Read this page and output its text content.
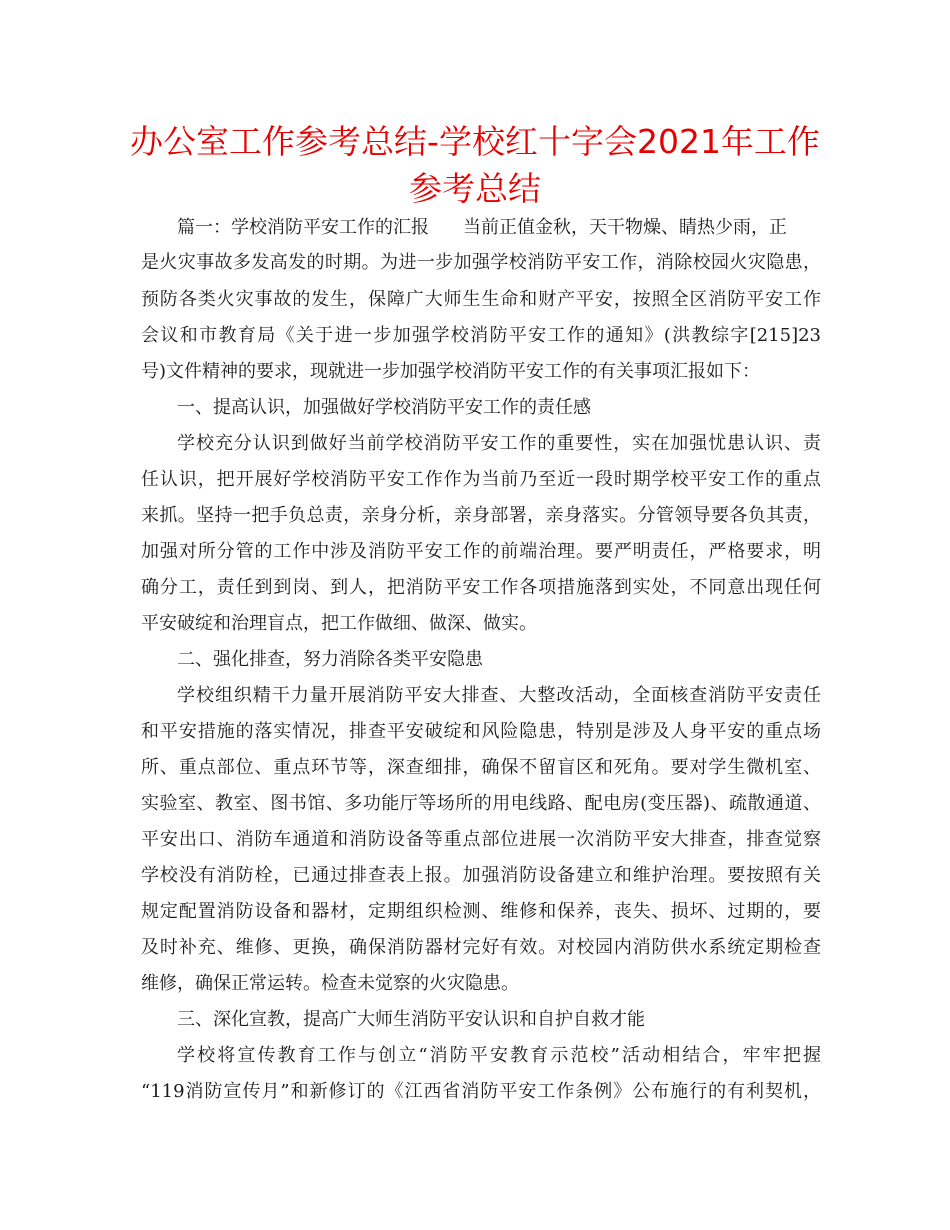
办公室工作参考总结-学校红十字会2021年工作
参考总结
篇一：学校消防平安工作的汇报 当前正值金秋，天干物燥、睛热少雨，正
是火灾事故多发高发的时期。为进一步加强学校消防平安工作，消除校园火灾隐患，
预防各类火灾事故的发生，保障广大师生生命和财产平安，按照全区消防平安工作
会议和市教育局《关于进一步加强学校消防平安工作的通知》(洪教综字[215]23
号)文件精神的要求，现就进一步加强学校消防平安工作的有关事项汇报如下：
一、提高认识，加强做好学校消防平安工作的责任感
学校充分认识到做好当前学校消防平安工作的重要性，实在加强忧患认识、责
任认识，把开展好学校消防平安工作作为当前乃至近一段时期学校平安工作的重点
来抓。坚持一把手负总责，亲身分析，亲身部署，亲身落实。分管领导要各负其责，
加强对所分管的工作中涉及消防平安工作的前端治理。要严明责任，严格要求，明
确分工，责任到到岗、到人，把消防平安工作各项措施落到实处，不同意出现任何
平安破绽和治理盲点，把工作做细、做深、做实。
二、强化排查，努力消除各类平安隐患
学校组织精干力量开展消防平安大排查、大整改活动，全面核查消防平安责任
和平安措施的落实情况，排查平安破绽和风险隐患，特别是涉及人身平安的重点场
所、重点部位、重点环节等，深查细排，确保不留盲区和死角。要对学生微机室、
实验室、教室、图书馆、多功能厅等场所的用电线路、配电房(变压器)、疏散通道、
平安出口、消防车通道和消防设备等重点部位进展一次消防平安大排查，排查觉察
学校没有消防栓，已通过排查表上报。加强消防设备建立和维护治理。要按照有关
规定配置消防设备和器材，定期组织检测、维修和保养，丧失、损坏、过期的，要
及时补充、维修、更换，确保消防器材完好有效。对校园内消防供水系统定期检查
维修，确保正常运转。检查未觉察的火灾隐患。
三、深化宣教，提高广大师生消防平安认识和自护自救才能
学校将宣传教育工作与创立“消防平安教育示范校”活动相结合，牢牢把握
“119消防宣传月”和新修订的《江西省消防平安工作条例》公布施行的有利契机，
